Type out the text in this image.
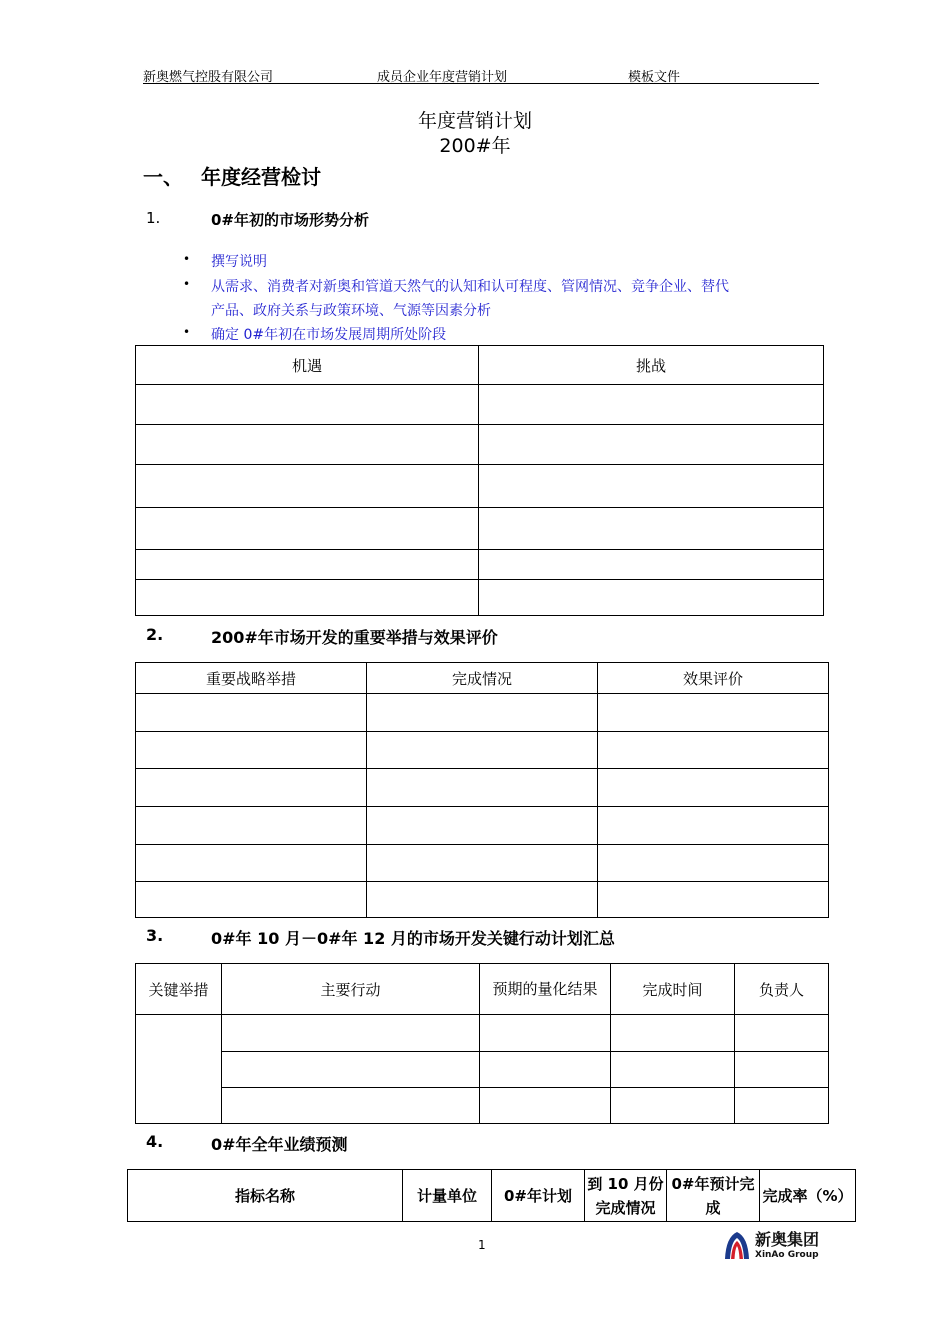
新奥燃气控股有限公司	成员企业年度营销计划	模板文件
年度营销计划
200#年
一、 年度经营检讨
1.	0#年初的市场形势分析
• 撰写说明
• 从需求、消费者对新奥和管道天然气的认知和认可程度、管网情况、竞争企业、替代
产品、政府关系与政策环境、气源等因素分析
• 确定 0#年初在市场发展周期所处阶段
机遇	挑战

2.	200#年市场开发的重要举措与效果评价
重要战略举措	完成情况	效果评价

3.	0#年 10 月－0#年 12 月的市场开发关键行动计划汇总
关键举措	主要行动	预期的量化结果	完成时间	负责人

4.	0#年全年业绩预测
指标名称	计量单位	0#年计划	到 10 月份完成情况	0#年预计完成	完成率（%）
1	新奥集团
XinAo Group
